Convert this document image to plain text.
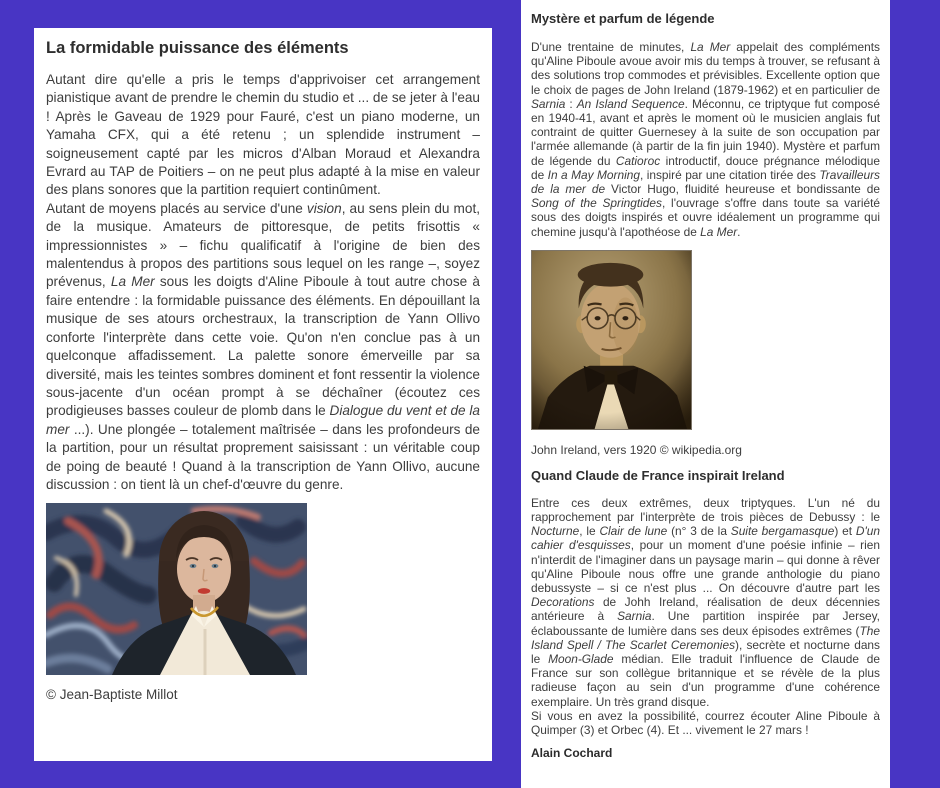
La formidable puissance des éléments

Autant dire qu'elle a pris le temps d'apprivoiser cet arrangement pianistique avant de prendre le chemin du studio et ... de se jeter à l'eau ! Après le Gaveau de 1929 pour Fauré, c'est un piano moderne, un Yamaha CFX, qui a été retenu ; un splendide instrument – soigneusement capté par les micros d'Alban Moraud et Alexandra Evrard au TAP de Poitiers – on ne peut plus adapté à la mise en valeur des plans sonores que la partition requiert continûment.

Autant de moyens placés au service d'une vision, au sens plein du mot, de la musique. Amateurs de pittoresque, de petits frisottis « impressionnistes » – fichu qualificatif à l'origine de bien des malentendus à propos des partitions sous lequel on les range –, soyez prévenus, La Mer sous les doigts d'Aline Piboule à tout autre chose à faire entendre : la formidable puissance des éléments. En dépouillant la musique de ses atours orchestraux, la transcription de Yann Ollivo conforte l'interprète dans cette voie. Qu'on n'en conclue pas à un quelconque affadissement. La palette sonore émerveille par sa diversité, mais les teintes sombres dominent et font ressentir la violence sous-jacente d'un océan prompt à se déchaîner (écoutez ces prodigieuses basses couleur de plomb dans le Dialogue du vent et de la mer ...). Une plongée – totalement maîtrisée – dans les profondeurs de la partition, pour un résultat proprement saisissant : un véritable coup de poing de beauté ! Quand à la transcription de Yann Ollivo, aucune discussion : on tient là un chef-d'œuvre du genre.

© Jean-Baptiste Millot
Mystère et parfum de légende

D'une trentaine de minutes, La Mer appelait des compléments qu'Aline Piboule avoue avoir mis du temps à trouver, se refusant à des solutions trop commodes et prévisibles. Excellente option que le choix de pages de John Ireland (1879-1962) et en particulier de Sarnia : An Island Sequence. Méconnu, ce triptyque fut composé en 1940-41, avant et après le moment où le musicien anglais fut contraint de quitter Guernesey à la suite de son occupation par l'armée allemande (à partir de la fin juin 1940). Mystère et parfum de légende du Catioroc introductif, douce prégnance mélodique de In a May Morning, inspiré par une citation tirée des Travailleurs de la mer de Victor Hugo, fluidité heureuse et bondissante de Song of the Springtides, l'ouvrage s'offre dans toute sa variété sous des doigts inspirés et ouvre idéalement un programme qui chemine jusqu'à l'apothéose de La Mer.

John Ireland, vers 1920 © wikipedia.org
Quand Claude de France inspirait Ireland

Entre ces deux extrêmes, deux triptyques. L'un né du rapprochement par l'interprète de trois pièces de Debussy : le Nocturne, le Clair de lune (n° 3 de la Suite bergamasque) et D'un cahier d'esquisses, pour un moment d'une poésie infinie – rien n'interdit de l'imaginer dans un paysage marin – qui donne à rêver qu'Aline Piboule nous offre une grande anthologie du piano debussyste – si ce n'est plus ... On découvre d'autre part les Decorations de Johh Ireland, réalisation de deux décennies antérieure à Sarnia. Une partition inspirée par Jersey, éclaboussante de lumière dans ses deux épisodes extrêmes (The Island Spell / The Scarlet Ceremonies), secrète et nocturne dans le Moon-Glade médian. Elle traduit l'influence de Claude de France sur son collègue britannique et se révèle de la plus radieuse façon au sein d'un programme d'une cohérence exemplaire. Un très grand disque.

Si vous en avez la possibilité, courrez écouter Aline Piboule à Quimper (3) et Orbec (4). Et ... vivement le 27 mars !

Alain Cochard
